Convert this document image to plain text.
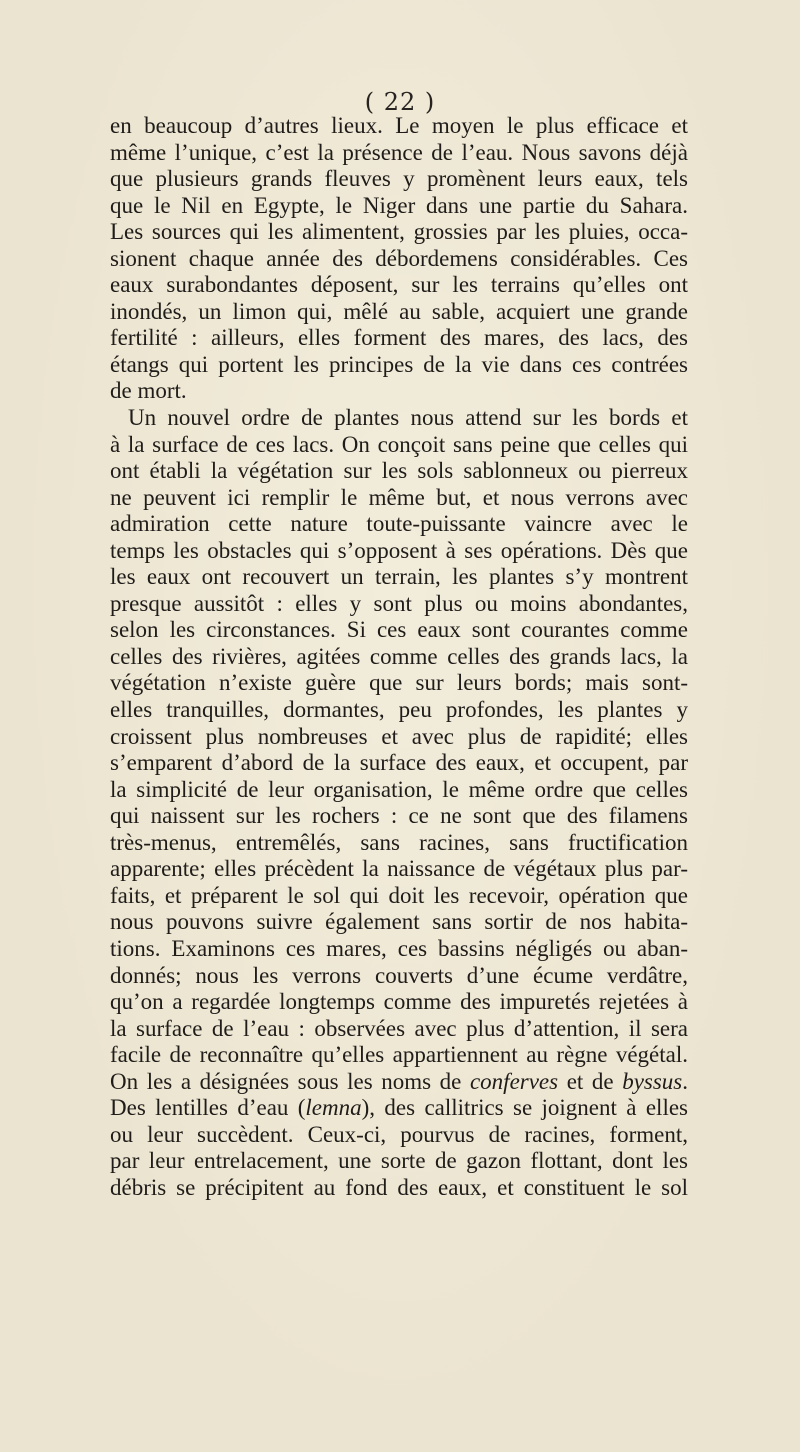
( 22 )
en beaucoup d’autres lieux. Le moyen le plus efficace et
même l’unique, c’est la présence de l’eau. Nous savons déjà
que plusieurs grands fleuves y promènent leurs eaux, tels
que le Nil en Egypte, le Niger dans une partie du Sahara.
Les sources qui les alimentent, grossies par les pluies, occa-
sionent chaque année des débordemens considérables. Ces
eaux surabondantes déposent, sur les terrains qu’elles ont
inondés, un limon qui, mêlé au sable, acquiert une grande
fertilité : ailleurs, elles forment des mares, des lacs, des
étangs qui portent les principes de la vie dans ces contrées
de mort.
Un nouvel ordre de plantes nous attend sur les bords et
à la surface de ces lacs. On conçoit sans peine que celles qui
ont établi la végétation sur les sols sablonneux ou pierreux
ne peuvent ici remplir le même but, et nous verrons avec
admiration cette nature toute-puissante vaincre avec le
temps les obstacles qui s’opposent à ses opérations. Dès que
les eaux ont recouvert un terrain, les plantes s’y montrent
presque aussitôt : elles y sont plus ou moins abondantes,
selon les circonstances. Si ces eaux sont courantes comme
celles des rivières, agitées comme celles des grands lacs, la
végétation n’existe guère que sur leurs bords; mais sont-
elles tranquilles, dormantes, peu profondes, les plantes y
croissent plus nombreuses et avec plus de rapidité; elles
s’emparent d’abord de la surface des eaux, et occupent, par
la simplicité de leur organisation, le même ordre que celles
qui naissent sur les rochers : ce ne sont que des filamens
très-menus, entremêlés, sans racines, sans fructification
apparente; elles précèdent la naissance de végétaux plus par-
faits, et préparent le sol qui doit les recevoir, opération que
nous pouvons suivre également sans sortir de nos habita-
tions. Examinons ces mares, ces bassins négligés ou aban-
donnés; nous les verrons couverts d’une écume verdâtre,
qu’on a regardée longtemps comme des impuretés rejetées à
la surface de l’eau : observées avec plus d’attention, il sera
facile de reconnaître qu’elles appartiennent au règne végétal.
On les a désignées sous les noms de conferves et de byssus.
Des lentilles d’eau (lemna), des callitrics se joignent à elles
ou leur succèdent. Ceux-ci, pourvus de racines, forment,
par leur entrelacement, une sorte de gazon flottant, dont les
débris se précipitent au fond des eaux, et constituent le sol
